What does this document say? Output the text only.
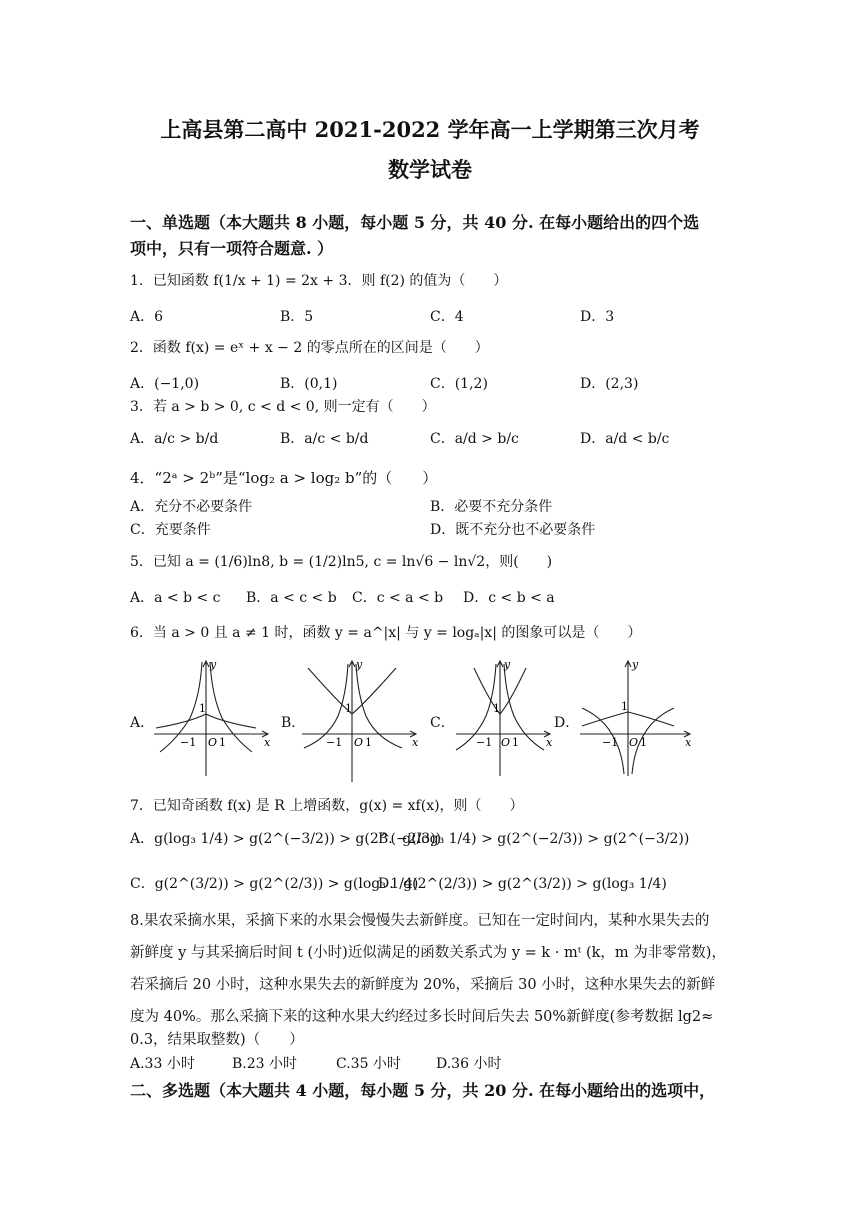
上高县第二高中 2021-2022 学年高一上学期第三次月考
数学试卷
一、单选题（本大题共 8 小题，每小题 5 分，共 40 分. 在每小题给出的四个选
项中，只有一项符合题意. ）
1．已知函数 f(1/x + 1) = 2x + 3．则 f(2) 的值为（　　）
A．6	B．5	C．4	D．3
2．函数 f(x) = eˣ + x − 2 的零点所在的区间是（　　）
A．(−1,0)	B．(0,1)	C．(1,2)	D．(2,3)
3．若 a > b > 0, c < d < 0, 则一定有（　　）
A．a/c > b/d	B．a/c < b/d	C．a/d > b/c	D．a/d < b/c
4．“2ᵃ > 2ᵇ”是“log₂ a > log₂ b”的（　　）
A．充分不必要条件	B．必要不充分条件
C．充要条件	D．既不充分也不必要条件
5．已知 a = (1/6)ln8, b = (1/2)ln5, c = ln√6 − ln√2，则(　　)
A．a < b < c B．a < c < b C．c < a < b D．c < b < a
6．当 a > 0 且 a ≠ 1 时，函数 y = a^|x| 与 y = logₐ|x| 的图象可以是（　　）
A．	B．	C．	D．
1
−1 O 1	x
y
1
−1 O 1	x
y
1
−1 O 1 x
y
1
−1 O 1	x
y
7．已知奇函数 f(x) 是 R 上增函数，g(x) = xf(x)，则（　　）
A．g(log₃ 1/4) > g(2^(−3/2)) > g(2^(−2/3))
B．g(log₃ 1/4) > g(2^(−2/3)) > g(2^(−3/2))
C．g(2^(3/2)) > g(2^(2/3)) > g(log₃ 1/4)
D．g(2^(2/3)) > g(2^(3/2)) > g(log₃ 1/4)
8.果农采摘水果，采摘下来的水果会慢慢失去新鲜度。已知在一定时间内，某种水果失去的
新鲜度 y 与其采摘后时间 t (小时)近似满足的函数关系式为 y = k · mᵗ (k，m 为非零常数)，
若采摘后 20 小时，这种水果失去的新鲜度为 20%，采摘后 30 小时，这种水果失去的新鲜
度为 40%。那么采摘下来的这种水果大约经过多长时间后失去 50%新鲜度(参考数据 lg2≈
0.3，结果取整数)（　　）
A.33 小时	B.23 小时	C.35 小时	D.36 小时
二、多选题（本大题共 4 小题，每小题 5 分，共 20 分. 在每小题给出的选项中，
